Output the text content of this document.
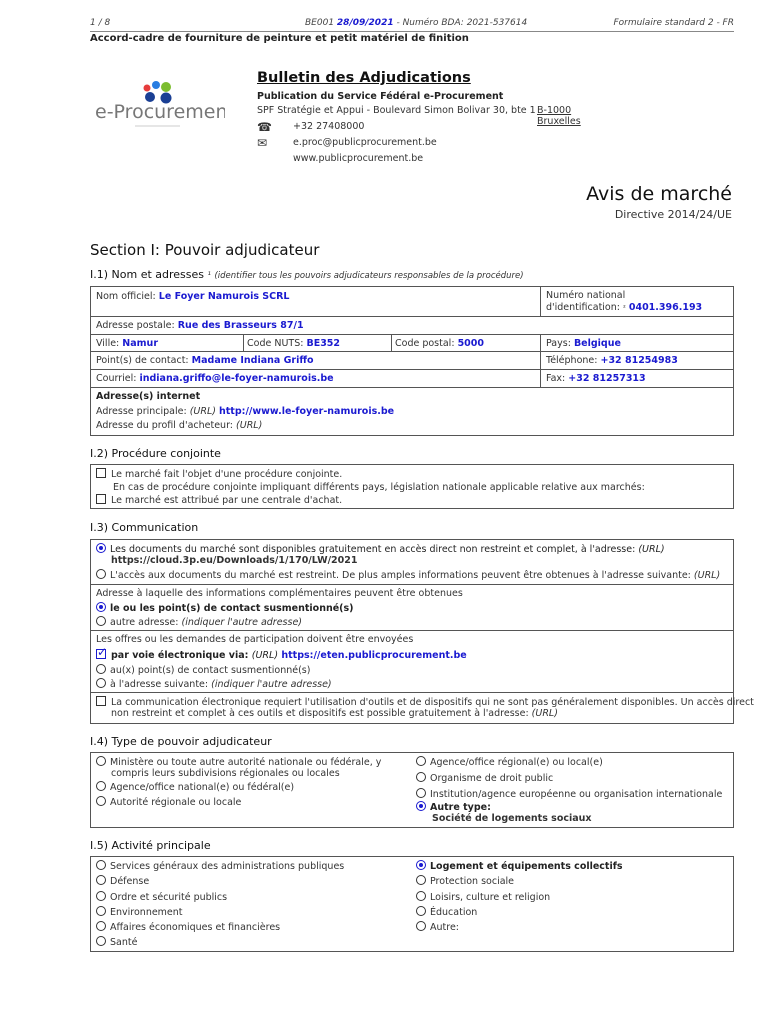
1 / 8	BE001 28/09/2021 - Numéro BDA: 2021-537614	Formulaire standard 2 - FR
Accord-cadre de fourniture de peinture et petit matériel de finition
e-Procurement
Bulletin des Adjudications
Publication du Service Fédéral e-Procurement
SPF Stratégie et Appui - Boulevard Simon Bolivar 30, bte 1 B-1000 Bruxelles
☎ +32 27408000
✉	e.proc@publicprocurement.be
www.publicprocurement.be
Avis de marché
Directive 2014/24/UE
Section I: Pouvoir adjudicateur
I.1) Nom et adresses ¹ (identifier tous les pouvoirs adjudicateurs responsables de la procédure)
Nom officiel: Le Foyer Namurois SCRL	Numéro national
d'identification: ² 0401.396.193
Adresse postale: Rue des Brasseurs 87/1
Ville: Namur	Code NUTS: BE352	Code postal: 5000	Pays: Belgique
Point(s) de contact: Madame Indiana Griffo	Téléphone: +32 81254983
Courriel: indiana.griffo@le-foyer-namurois.be	Fax: +32 81257313
Adresse(s) internet
Adresse principale: (URL) http://www.le-foyer-namurois.be
Adresse du profil d'acheteur: (URL)
I.2) Procédure conjointe
Le marché fait l'objet d'une procédure conjointe.
En cas de procédure conjointe impliquant différents pays, législation nationale applicable relative aux marchés:
Le marché est attribué par une centrale d'achat.
I.3) Communication
Les documents du marché sont disponibles gratuitement en accès direct non restreint et complet, à l'adresse: (URL)
https://cloud.3p.eu/Downloads/1/170/LW/2021
L'accès aux documents du marché est restreint. De plus amples informations peuvent être obtenues à l'adresse suivante: (URL)
Adresse à laquelle des informations complémentaires peuvent être obtenues
le ou les point(s) de contact susmentionné(s)
autre adresse: (indiquer l'autre adresse)
Les offres ou les demandes de participation doivent être envoyées
✓par voie électronique via: (URL) https://eten.publicprocurement.be
au(x) point(s) de contact susmentionné(s)
à l'adresse suivante: (indiquer l'autre adresse)
La communication électronique requiert l'utilisation d'outils et de dispositifs qui ne sont pas généralement disponibles. Un accès direct
non restreint et complet à ces outils et dispositifs est possible gratuitement à l'adresse: (URL)
I.4) Type de pouvoir adjudicateur
Ministère ou toute autre autorité nationale ou fédérale, y
compris leurs subdivisions régionales ou locales
Agence/office national(e) ou fédéral(e)
Autorité régionale ou locale
Agence/office régional(e) ou local(e)
Organisme de droit public
Institution/agence européenne ou organisation internationale
Autre type:
Société de logements sociaux
I.5) Activité principale
Services généraux des administrations publiques
Défense
Ordre et sécurité publics
Environnement
Affaires économiques et financières
Santé
Logement et équipements collectifs
Protection sociale
Loisirs, culture et religion
Éducation
Autre:
